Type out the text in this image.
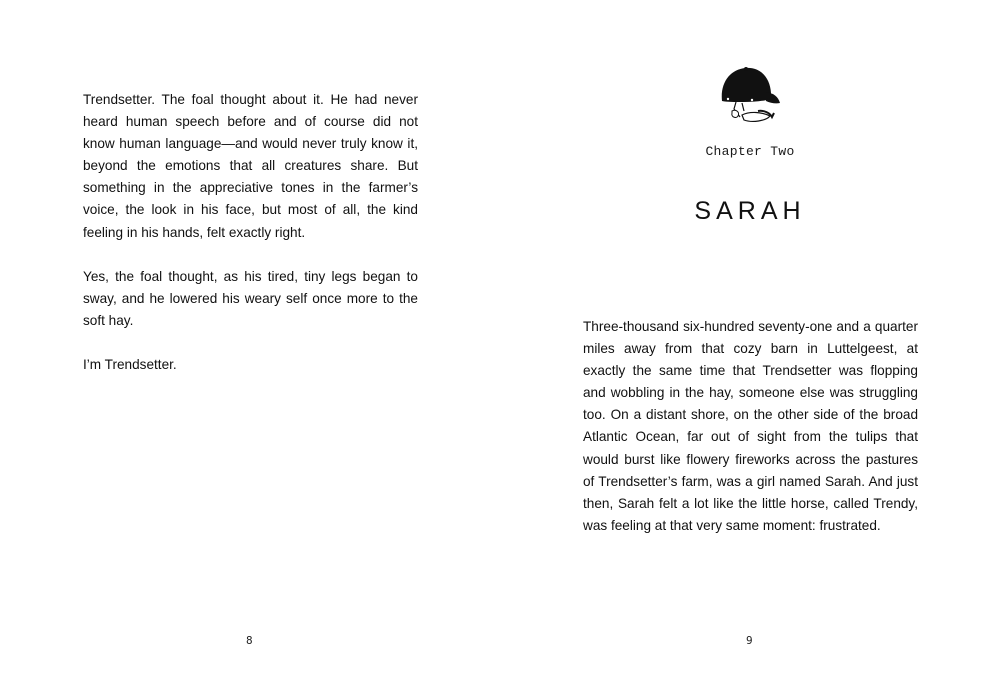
Trendsetter. The foal thought about it. He had never heard human speech before and of course did not know human language—and would never truly know it, beyond the emotions that all creatures share. But something in the appreciative tones in the farmer’s voice, the look in his face, but most of all, the kind feeling in his hands, felt exactly right.

Yes, the foal thought, as his tired, tiny legs began to sway, and he lowered his weary self once more to the soft hay.

I’m Trendsetter.

8
Chapter Two
SARAH

Three-thousand six-hundred seventy-one and a quarter miles away from that cozy barn in Luttelgeest, at exactly the same time that Trendsetter was flopping and wobbling in the hay, someone else was struggling too. On a distant shore, on the other side of the broad Atlantic Ocean, far out of sight from the tulips that would burst like flowery fireworks across the pastures of Trendsetter’s farm, was a girl named Sarah. And just then, Sarah felt a lot like the little horse, called Trendy, was feeling at that very same moment: frustrated.

9
